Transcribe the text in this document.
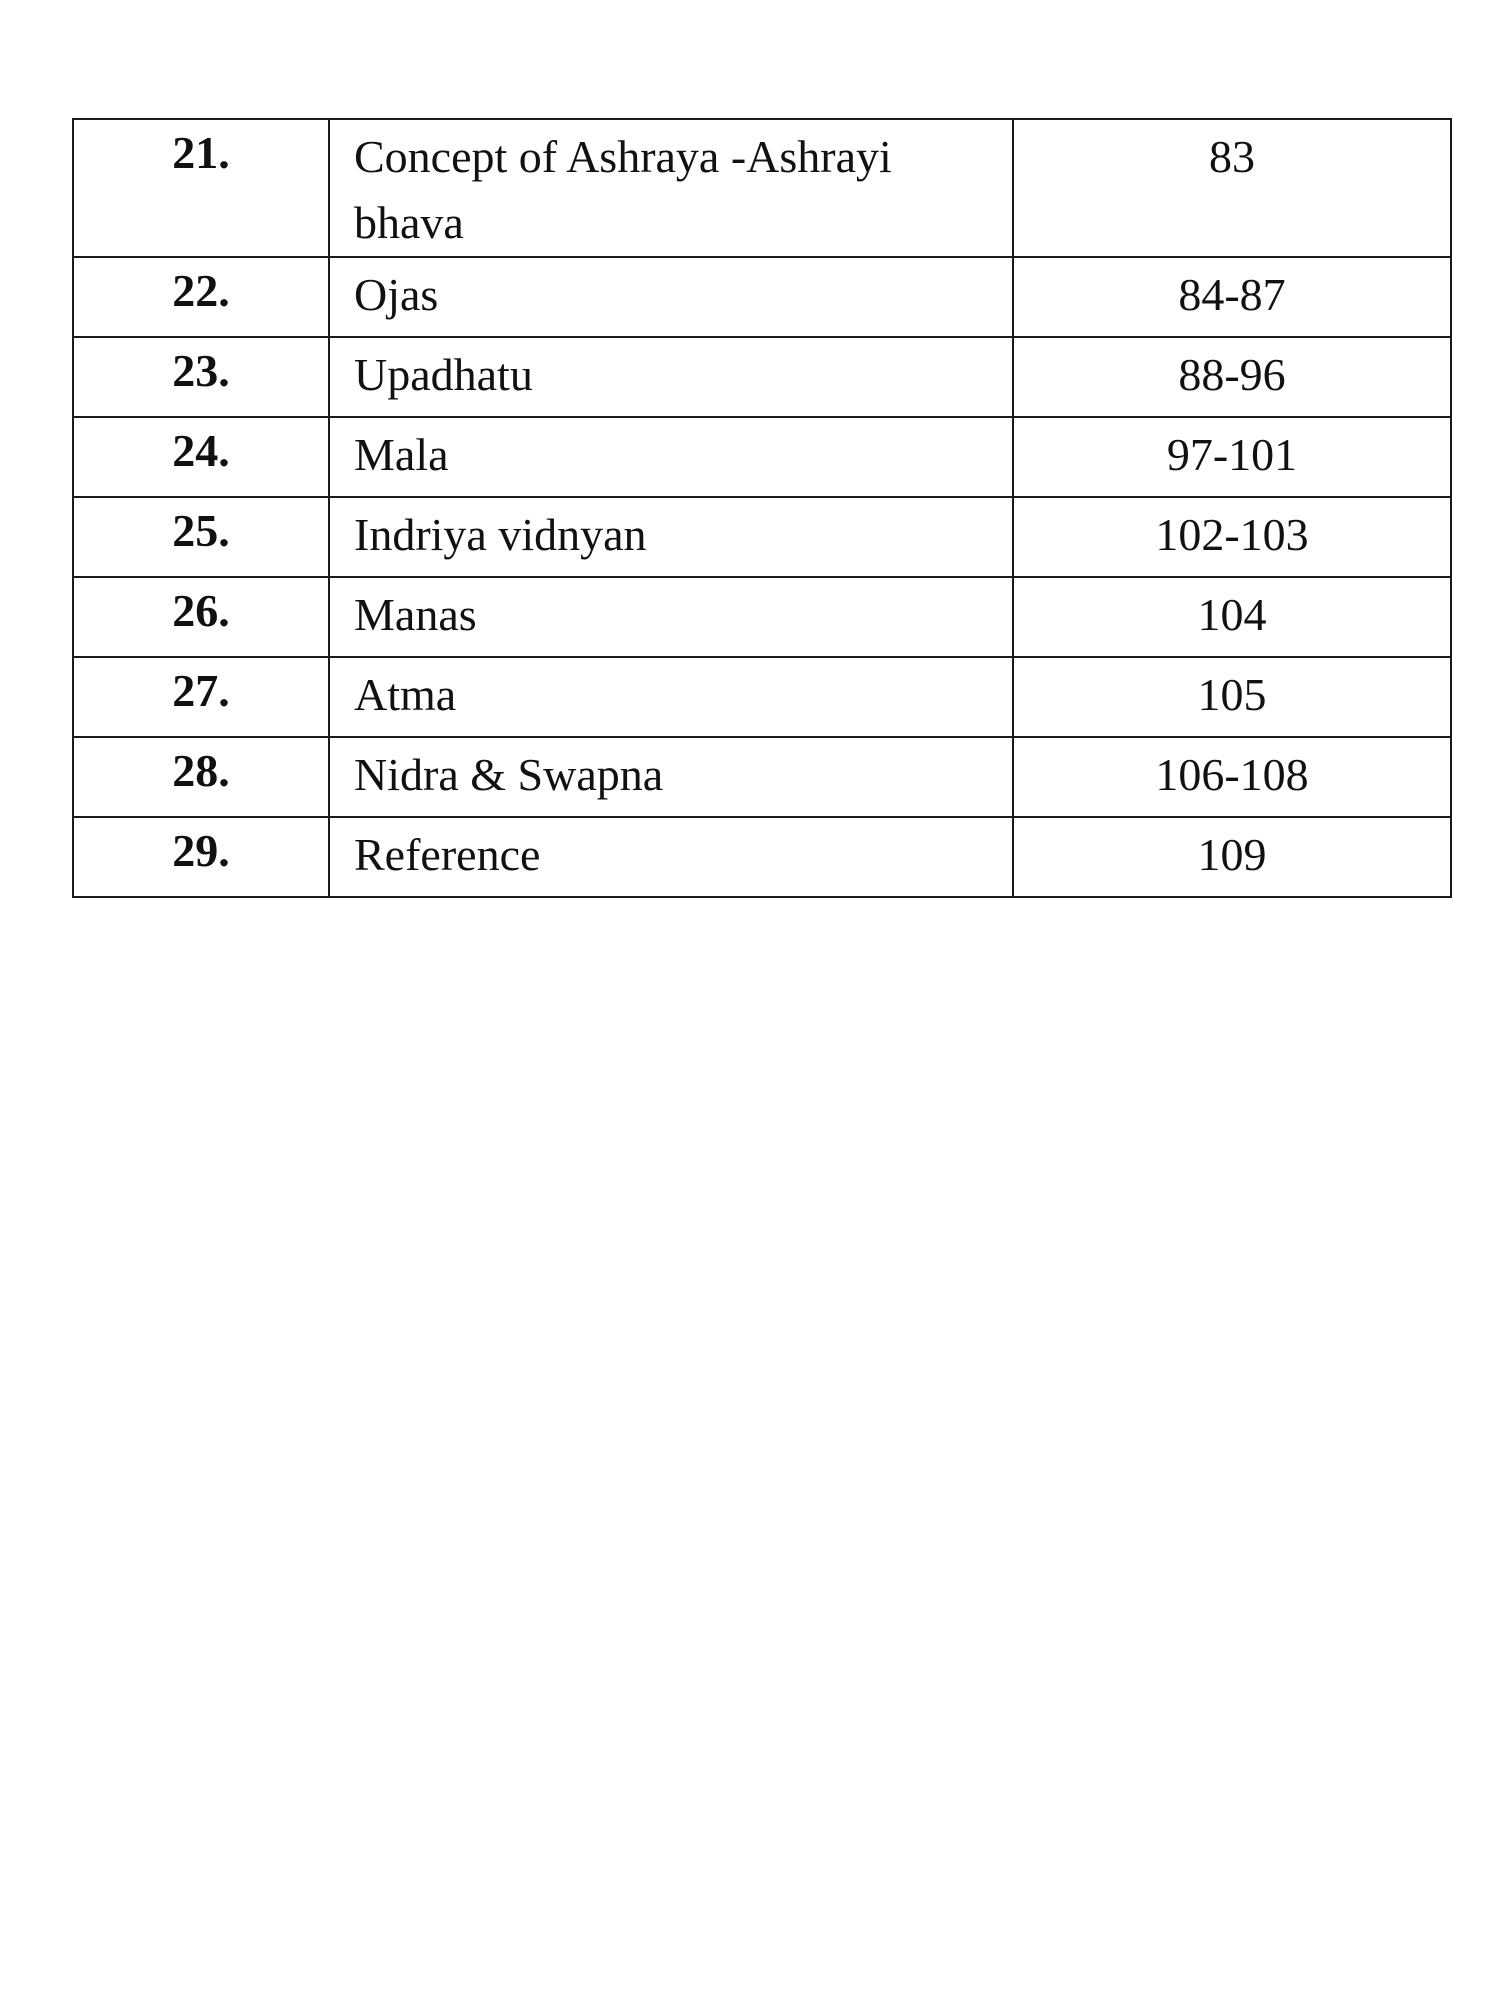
21.	Concept of Ashraya -Ashrayi bhava	83
22.	Ojas	84-87
23.	Upadhatu	88-96
24.	Mala	97-101
25.	Indriya vidnyan	102-103
26.	Manas	104
27.	Atma	105
28.	Nidra & Swapna	106-108
29.	Reference	109
